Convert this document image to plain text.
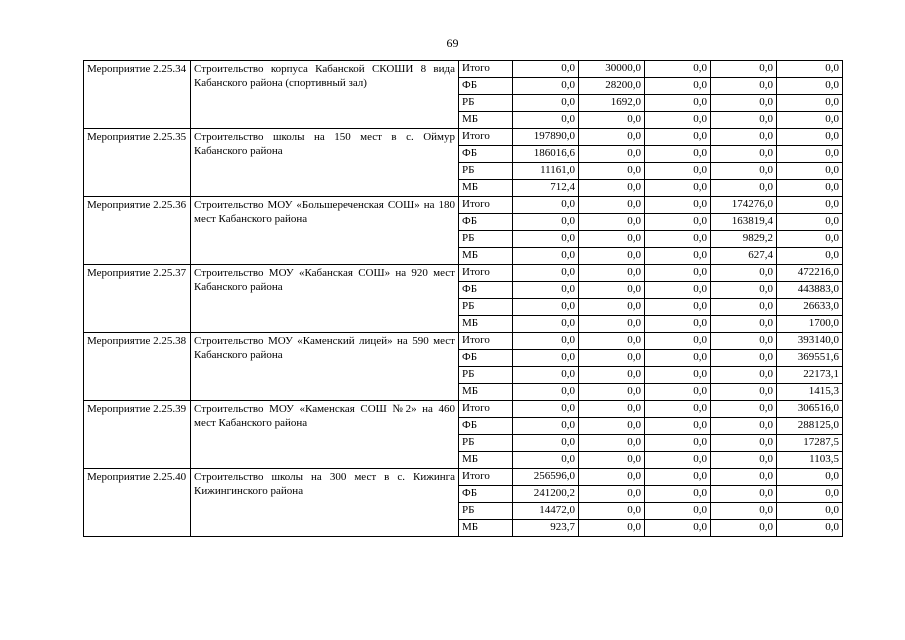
69
Мероприятие 2.25.34	Строительство корпуса Кабанской СКОШИ 8 вида Кабанского района (спортивный зал)	Итого	0,0	30000,0	0,0	0,0	0,0
		ФБ	0,0	28200,0	0,0	0,0	0,0
		РБ	0,0	1692,0	0,0	0,0	0,0
		МБ	0,0	0,0	0,0	0,0	0,0
Мероприятие 2.25.35	Строительство школы на 150 мест в с. Оймур Кабанского района	Итого	197890,0	0,0	0,0	0,0	0,0
		ФБ	186016,6	0,0	0,0	0,0	0,0
		РБ	11161,0	0,0	0,0	0,0	0,0
		МБ	712,4	0,0	0,0	0,0	0,0
Мероприятие 2.25.36	Строительство МОУ «Большереченская СОШ» на 180 мест Кабанского района	Итого	0,0	0,0	0,0	174276,0	0,0
		ФБ	0,0	0,0	0,0	163819,4	0,0
		РБ	0,0	0,0	0,0	9829,2	0,0
		МБ	0,0	0,0	0,0	627,4	0,0
Мероприятие 2.25.37	Строительство МОУ «Кабанская СОШ» на 920 мест Кабанского района	Итого	0,0	0,0	0,0	0,0	472216,0
		ФБ	0,0	0,0	0,0	0,0	443883,0
		РБ	0,0	0,0	0,0	0,0	26633,0
		МБ	0,0	0,0	0,0	0,0	1700,0
Мероприятие 2.25.38	Строительство МОУ «Каменский лицей» на 590 мест Кабанского района	Итого	0,0	0,0	0,0	0,0	393140,0
		ФБ	0,0	0,0	0,0	0,0	369551,6
		РБ	0,0	0,0	0,0	0,0	22173,1
		МБ	0,0	0,0	0,0	0,0	1415,3
Мероприятие 2.25.39	Строительство МОУ «Каменская СОШ №2» на 460 мест Кабанского района	Итого	0,0	0,0	0,0	0,0	306516,0
		ФБ	0,0	0,0	0,0	0,0	288125,0
		РБ	0,0	0,0	0,0	0,0	17287,5
		МБ	0,0	0,0	0,0	0,0	1103,5
Мероприятие 2.25.40	Строительство школы на 300 мест в с. Кижинга Кижингинского района	Итого	256596,0	0,0	0,0	0,0	0,0
		ФБ	241200,2	0,0	0,0	0,0	0,0
		РБ	14472,0	0,0	0,0	0,0	0,0
		МБ	923,7	0,0	0,0	0,0	0,0
